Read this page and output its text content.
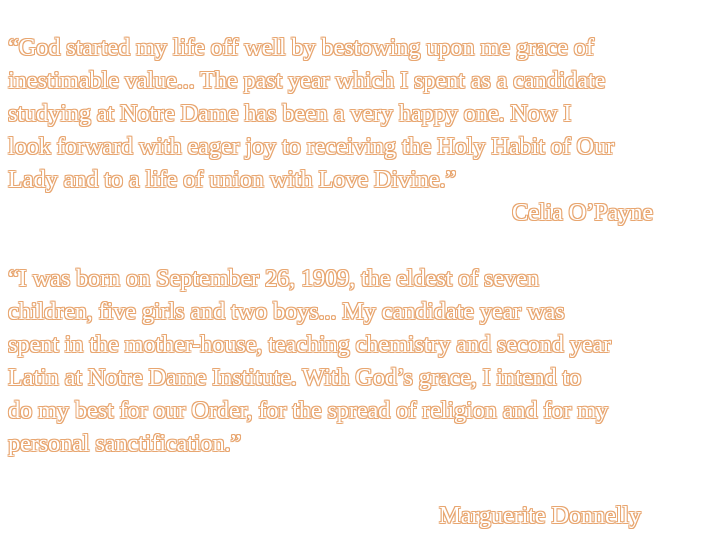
“God started my life off well by bestowing upon me grace of
inestimable value... The past year which I spent as a candidate
studying at Notre Dame has been a very happy one. Now I
look forward with eager joy to receiving the Holy Habit of Our
Lady and to a life of union with Love Divine.”

Celia O’Payne

“I was born on September 26, 1909, the eldest of seven
children, five girls and two boys... My candidate year was
spent in the mother-house, teaching chemistry and second year
Latin at Notre Dame Institute. With God’s grace, I intend to
do my best for our Order, for the spread of religion and for my
personal sanctification.”

Marguerite Donnelly
